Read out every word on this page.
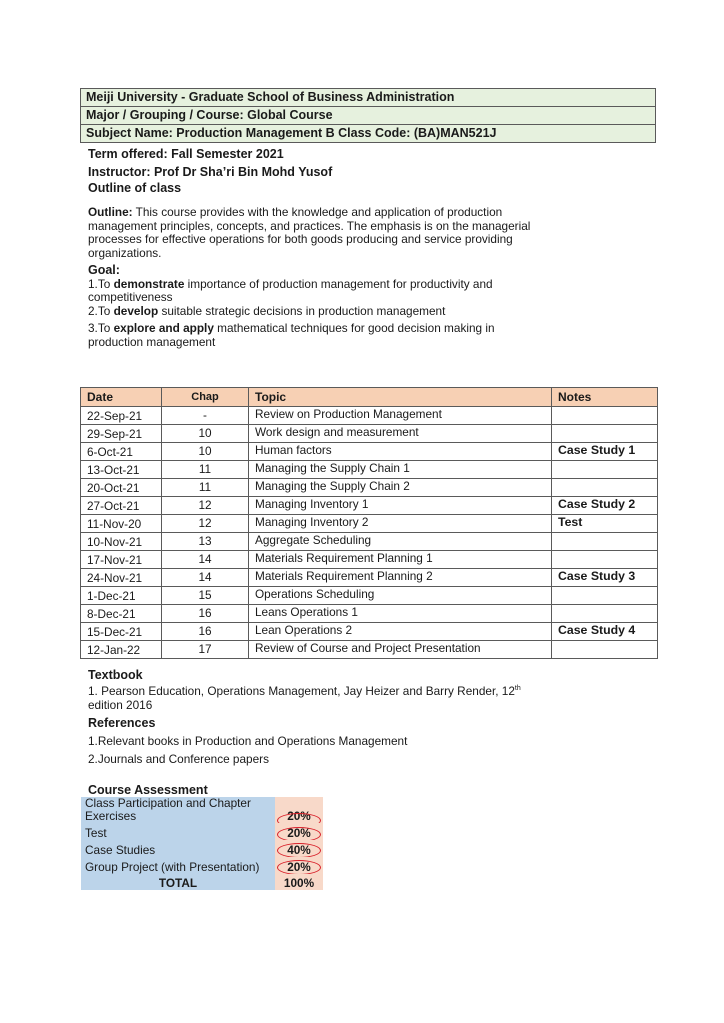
Meiji University - Graduate School of Business Administration
Major / Grouping / Course: Global Course
Subject Name: Production Management B Class Code: (BA)MAN521J
Term offered: Fall Semester 2021
Instructor: Prof Dr Sha’ri Bin Mohd Yusof
Outline of class
Outline: This course provides with the knowledge and application of production management principles, concepts, and practices. The emphasis is on the managerial processes for effective operations for both goods producing and service providing organizations.
Goal:
1.To demonstrate importance of production management for productivity and competitiveness
2.To develop suitable strategic decisions in production management
3.To explore and apply mathematical techniques for good decision making in production management
Date	Chap	Topic	Notes
22-Sep-21	-	Review on Production Management	
29-Sep-21	10	Work design and measurement	
6-Oct-21	10	Human factors	Case Study 1
13-Oct-21	11	Managing the Supply Chain 1	
20-Oct-21	11	Managing the Supply Chain 2	
27-Oct-21	12	Managing Inventory 1	Case Study 2
11-Nov-20	12	Managing Inventory 2	Test
10-Nov-21	13	Aggregate Scheduling	
17-Nov-21	14	Materials Requirement Planning 1	
24-Nov-21	14	Materials Requirement Planning 2	Case Study 3
1-Dec-21	15	Operations Scheduling	
8-Dec-21	16	Leans Operations 1	
15-Dec-21	16	Lean Operations 2	Case Study 4
12-Jan-22	17	Review of Course and Project Presentation	
Textbook
1. Pearson Education, Operations Management, Jay Heizer and Barry Render, 12th
edition 2016
References
1.Relevant books in Production and Operations Management
2.Journals and Conference papers
Course Assessment
Class Participation and Chapter
Exercises	20%

Test	20%

Case Studies	40%

Group Project (with Presentation)	20%

TOTAL	100%
